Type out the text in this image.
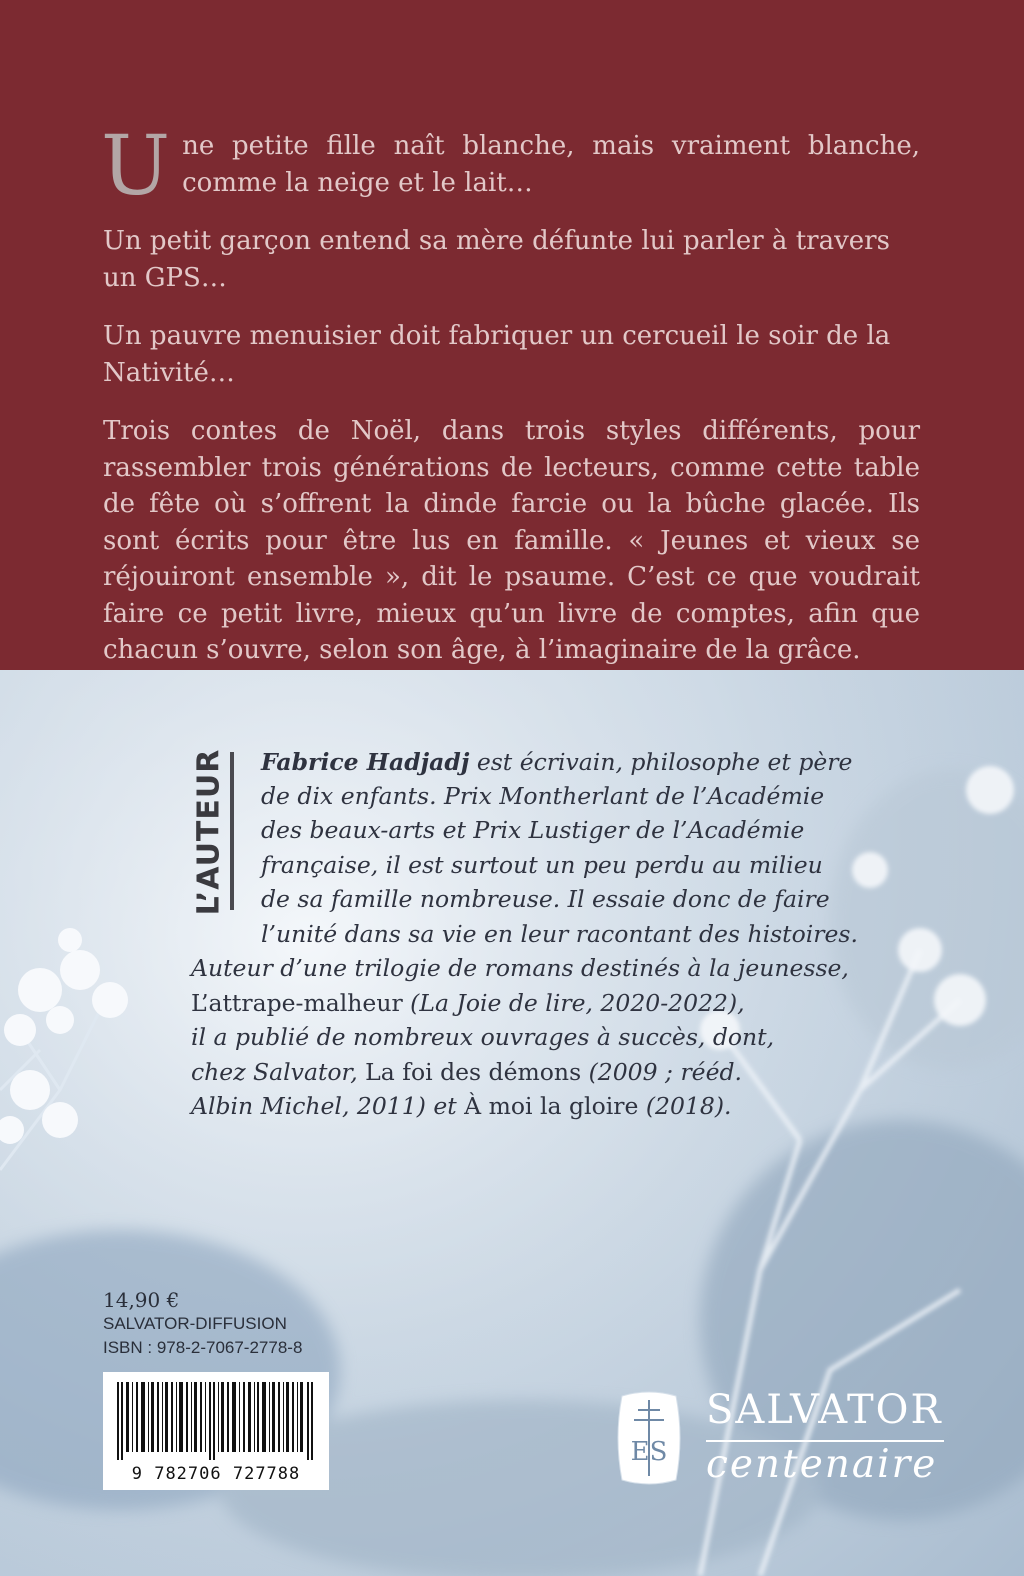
U ne petite fille naît blanche, mais vraiment blanche, comme la neige et le lait…

Un petit garçon entend sa mère défunte lui parler à travers un GPS…

Un pauvre menuisier doit fabriquer un cercueil le soir de la Nativité…

Trois contes de Noël, dans trois styles différents, pour rassembler trois générations de lecteurs, comme cette table de fête où s’offrent la dinde farcie ou la bûche glacée. Ils sont écrits pour être lus en famille. « Jeunes et vieux se réjouiront ensemble », dit le psaume. C’est ce que voudrait faire ce petit livre, mieux qu’un livre de comptes, afin que chacun s’ouvre, selon son âge, à l’imaginaire de la grâce.

L’AUTEUR Fabrice Hadjadj est écrivain, philosophe et père
de dix enfants. Prix Montherlant de l’Académie
des beaux-arts et Prix Lustiger de l’Académie
française, il est surtout un peu perdu au milieu
de sa famille nombreuse. Il essaie donc de faire
l’unité dans sa vie en leur racontant des histoires.
Auteur d’une trilogie de romans destinés à la jeunesse,
L’attrape-malheur (La Joie de lire, 2020-2022),
il a publié de nombreux ouvrages à succès, dont,
chez Salvator, La foi des démons (2009 ; rééd.
Albin Michel, 2011) et À moi la gloire (2018).
14,90 €
SALVATOR-DIFFUSION
ISBN : 978-2-7067-2778-8
9 782706 727788
ES
SALVATOR
centenaire
